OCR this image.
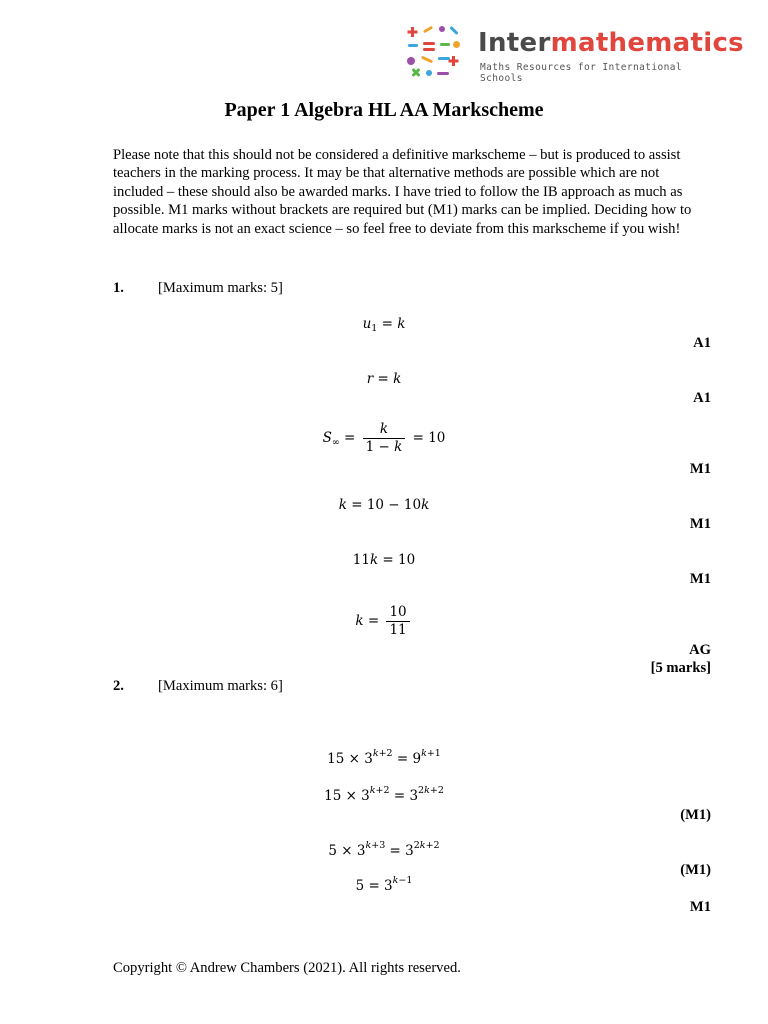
Intermathematics
Maths Resources for International Schools
Paper 1 Algebra HL AA Markscheme
Please note that this should not be considered a definitive markscheme – but is produced to assist teachers in the marking process. It may be that alternative methods are possible which are not included – these should also be awarded marks. I have tried to follow the IB approach as much as possible. M1 marks without brackets are required but (M1) marks can be implied. Deciding how to allocate marks is not an exact science – so feel free to deviate from this markscheme if you wish!
1. [Maximum marks: 5]
$u_1 = k$
A1
r = k
A1
$S_\infty = \frac{k}{1 - k} = 10$
M1
k = 10 − 10k
M1
11k = 10
M1
$k = \frac{10}{11}$
AG
[5 marks]
2. [Maximum marks: 6]
$15 \times 3^{k+2} = 9^{k+1}$
$15 \times 3^{k+2} = 3^{2k+2}$
(M1)
$5 \times 3^{k+3} = 3^{2k+2}$
(M1)
$5 = 3^{k-1}$
M1
Copyright © Andrew Chambers (2021). All rights reserved.
